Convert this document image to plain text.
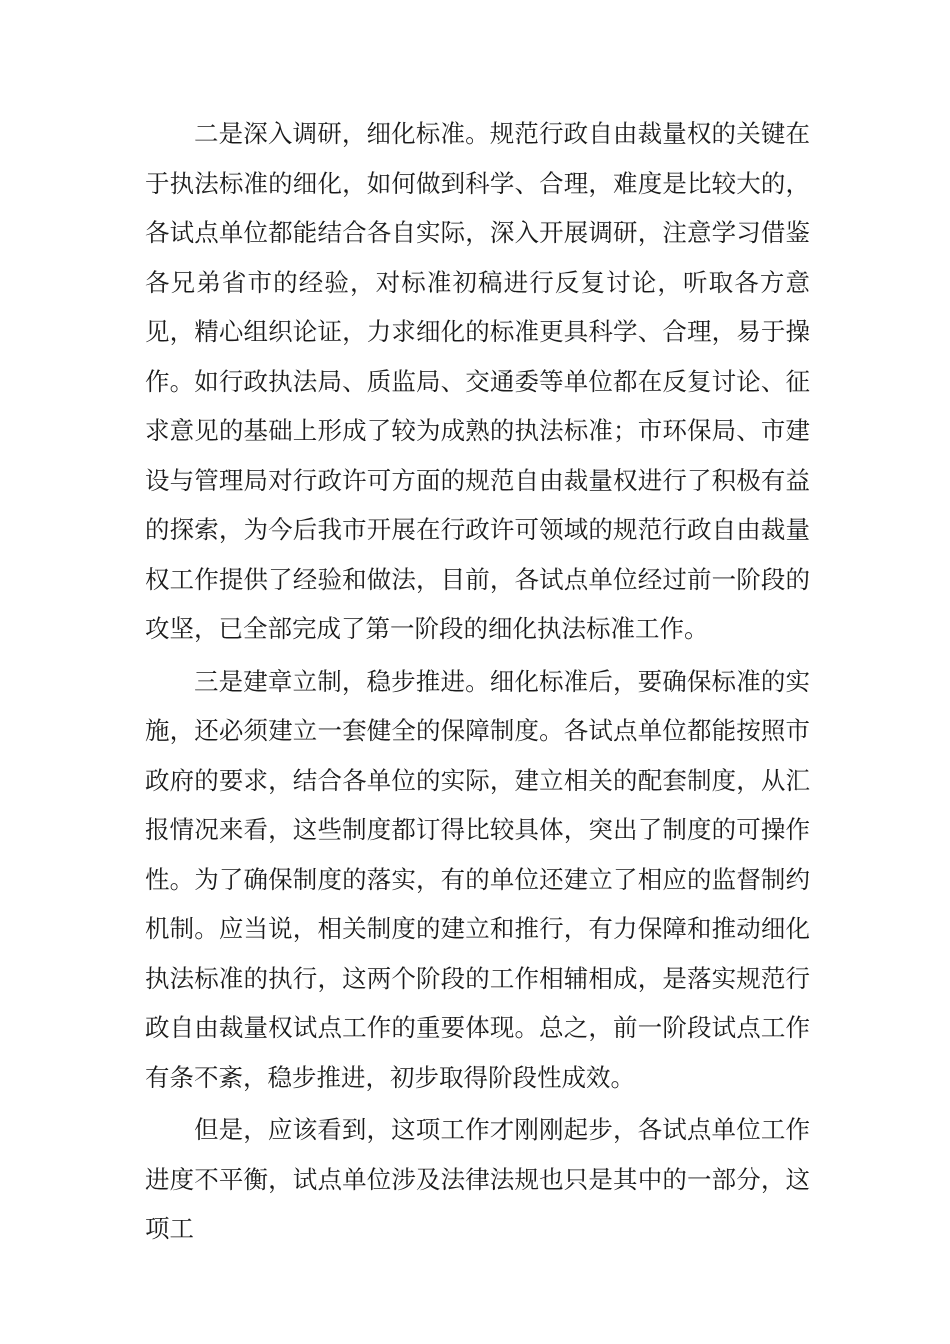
二是深入调研，细化标准。规范行政自由裁量权的关键在于执法标准的细化，如何做到科学、合理，难度是比较大的，各试点单位都能结合各自实际，深入开展调研，注意学习借鉴各兄弟省市的经验，对标准初稿进行反复讨论，听取各方意见，精心组织论证，力求细化的标准更具科学、合理，易于操作。如行政执法局、质监局、交通委等单位都在反复讨论、征求意见的基础上形成了较为成熟的执法标准；市环保局、市建设与管理局对行政许可方面的规范自由裁量权进行了积极有益的探索，为今后我市开展在行政许可领域的规范行政自由裁量权工作提供了经验和做法，目前，各试点单位经过前一阶段的攻坚，已全部完成了第一阶段的细化执法标准工作。

三是建章立制，稳步推进。细化标准后，要确保标准的实施，还必须建立一套健全的保障制度。各试点单位都能按照市政府的要求，结合各单位的实际，建立相关的配套制度，从汇报情况来看，这些制度都订得比较具体，突出了制度的可操作性。为了确保制度的落实，有的单位还建立了相应的监督制约机制。应当说，相关制度的建立和推行，有力保障和推动细化执法标准的执行，这两个阶段的工作相辅相成，是落实规范行政自由裁量权试点工作的重要体现。总之，前一阶段试点工作有条不紊，稳步推进，初步取得阶段性成效。

但是，应该看到，这项工作才刚刚起步，各试点单位工作进度不平衡，试点单位涉及法律法规也只是其中的一部分，这项工
